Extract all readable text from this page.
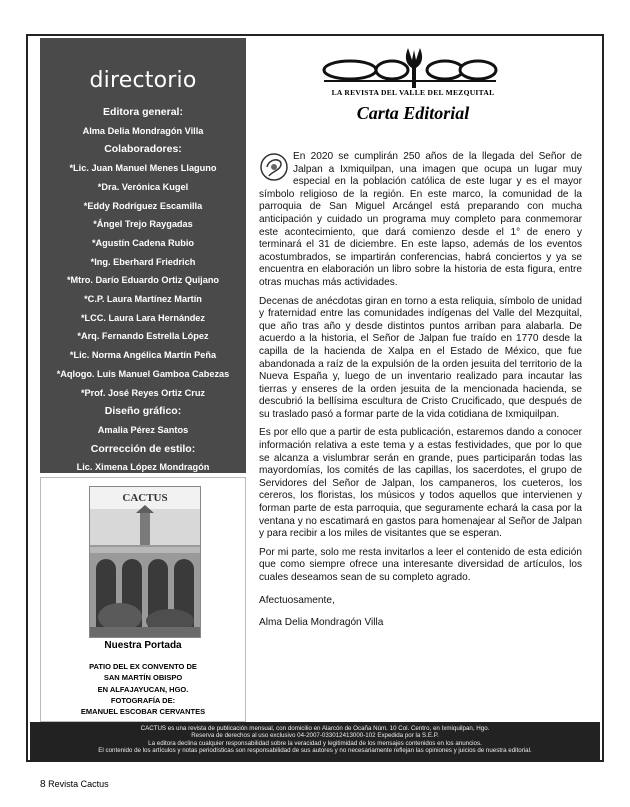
directorio
Editora general:
Alma Delia Mondragón Villa
Colaboradores:
*Lic. Juan Manuel Menes Llaguno
*Dra. Verónica Kugel
*Eddy Rodríguez Escamilla
*Ángel Trejo Raygadas
*Agustín Cadena Rubio
*Ing. Eberhard Friedrich
*Mtro. Darío Eduardo Ortiz Quijano
*C.P. Laura Martínez Martín
*LCC. Laura Lara Hernández
*Arq. Fernando Estrella López
*Lic. Norma Angélica Martín Peña
*Aqlogo. Luis Manuel Gamboa Cabezas
*Prof. José Reyes Ortiz Cruz
Diseño gráfico:
Amalia Pérez Santos
Corrección de estilo:
Lic. Ximena López Mondragón
CACTUS
Nuestra Portada
PATIO DEL EX CONVENTO DE
SAN MARTÍN OBISPO
EN ALFAJAYUCAN, HGO.
FOTOGRAFÍA DE:
EMANUEL ESCOBAR CERVANTES
LA REVISTA DEL VALLE DEL MEZQUITAL
Carta Editorial

En 2020 se cumplirán 250 años de la llegada del Señor de Jalpan a Ixmiquilpan, una imagen que ocupa un lugar muy especial en la población católica de este lugar y es el mayor símbolo religioso de la región. En este marco, la comunidad de la parroquia de San Miguel Arcángel está preparando con mucha anticipación y cuidado un programa muy completo para conmemorar este acontecimiento, que dará comienzo desde el 1° de enero y terminará el 31 de diciembre. En este lapso, además de los eventos acostumbrados, se impartirán conferencias, habrá conciertos y ya se encuentra en elaboración un libro sobre la historia de esta figura, entre otras muchas más actividades.

Decenas de anécdotas giran en torno a esta reliquia, símbolo de unidad y fraternidad entre las comunidades indígenas del Valle del Mezquital, que año tras año y desde distintos puntos arriban para alabarla. De acuerdo a la historia, el Señor de Jalpan fue traído en 1770 desde la capilla de la hacienda de Xalpa en el Estado de México, que fue abandonada a raíz de la expulsión de la orden jesuita del territorio de la Nueva España y, luego de un inventario realizado para incautar las tierras y enseres de la orden jesuita de la mencionada hacienda, se descubrió la bellísima escultura de Cristo Crucificado, que después de su traslado pasó a formar parte de la vida cotidiana de Ixmiquilpan.

Es por ello que a partir de esta publicación, estaremos dando a conocer información relativa a este tema y a estas festividades, que por lo que se alcanza a vislumbrar serán en grande, pues participarán todas las mayordomías, los comités de las capillas, los sacerdotes, el grupo de Servidores del Señor de Jalpan, los campaneros, los cueteros, los cereros, los floristas, los músicos y todos aquellos que intervienen y forman parte de esta parroquia, que seguramente echará la casa por la ventana y no escatimará en gastos para homenajear al Señor de Jalpan y para recibir a los miles de visitantes que se esperan.

Por mi parte, solo me resta invitarlos a leer el contenido de esta edición que como siempre ofrece una interesante diversidad de artículos, los cuales deseamos sean de su completo agrado.

Afectuosamente,

Alma Delia Mondragón Villa

CACTUS es una revista de publicación mensual, con domicilio en Alarcón de Ocaña Núm. 10 Col. Centro, en Ixmiquilpan, Hgo.
Reserva de derechos al uso exclusivo 04-2007-033012413000-102 Expedida por la S.E.P.
La editora declina cualquier responsabilidad sobre la veracidad y legitimidad de los mensajes contenidos en los anuncios.
El contenido de los artículos y notas periodísticas son responsabilidad de sus autores y no necesariamente reflejan las opiniones y juicios de nuestra editorial.
8 Revista Cactus
